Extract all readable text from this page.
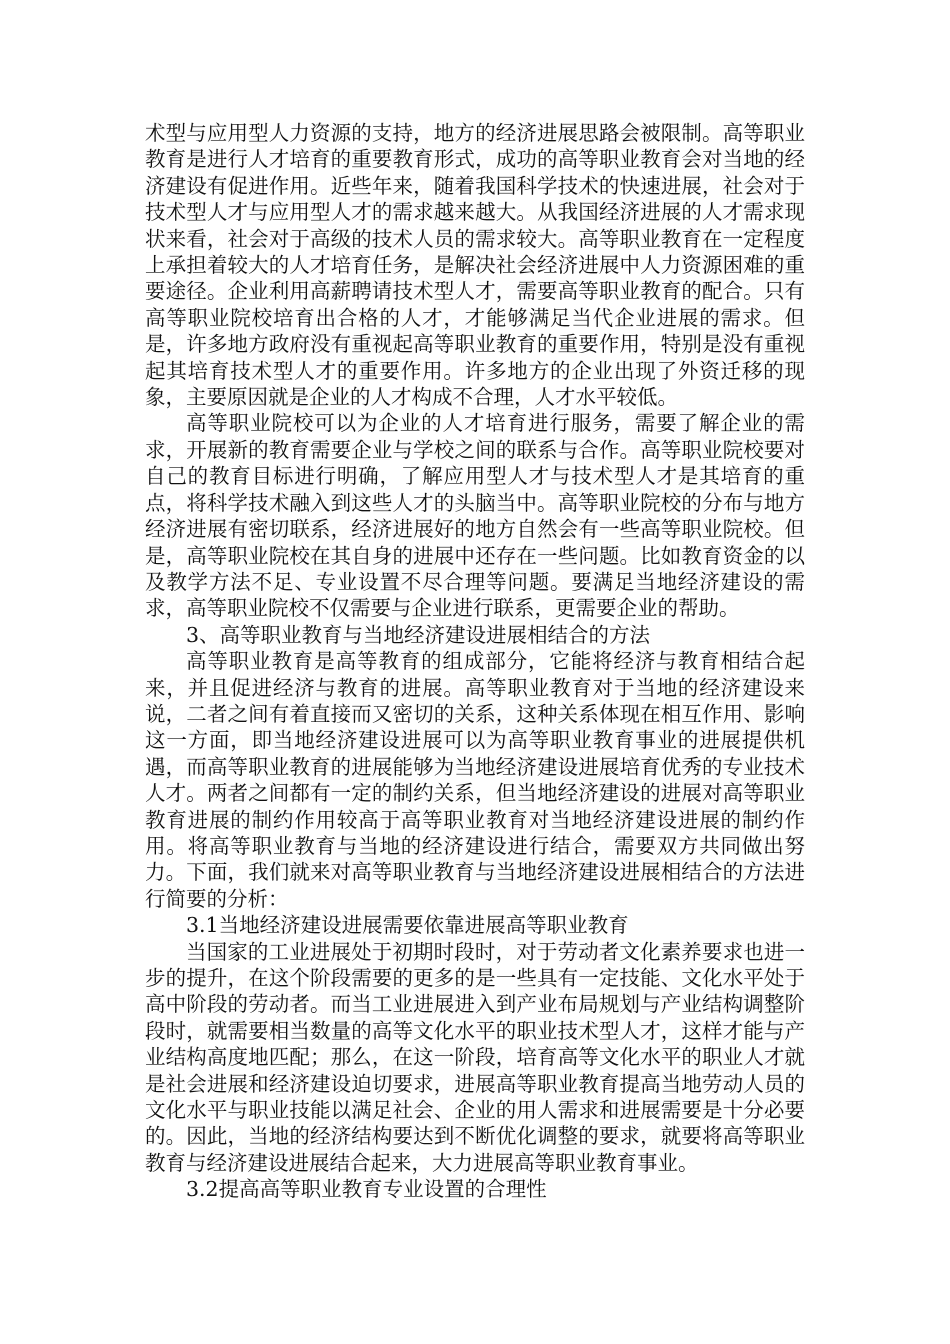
术型与应用型人力资源的支持，地方的经济进展思路会被限制。高等职业教育是进行人才培育的重要教育形式，成功的高等职业教育会对当地的经济建设有促进作用。近些年来，随着我国科学技术的快速进展，社会对于技术型人才与应用型人才的需求越来越大。从我国经济进展的人才需求现状来看，社会对于高级的技术人员的需求较大。高等职业教育在一定程度上承担着较大的人才培育任务，是解决社会经济进展中人力资源困难的重要途径。企业利用高薪聘请技术型人才，需要高等职业教育的配合。只有高等职业院校培育出合格的人才，才能够满足当代企业进展的需求。但是，许多地方政府没有重视起高等职业教育的重要作用，特别是没有重视起其培育技术型人才的重要作用。许多地方的企业出现了外资迁移的现象，主要原因就是企业的人才构成不合理，人才水平较低。

高等职业院校可以为企业的人才培育进行服务，需要了解企业的需求，开展新的教育需要企业与学校之间的联系与合作。高等职业院校要对自己的教育目标进行明确，了解应用型人才与技术型人才是其培育的重点，将科学技术融入到这些人才的头脑当中。高等职业院校的分布与地方经济进展有密切联系，经济进展好的地方自然会有一些高等职业院校。但是，高等职业院校在其自身的进展中还存在一些问题。比如教育资金的以及教学方法不足、专业设置不尽合理等问题。要满足当地经济建设的需求，高等职业院校不仅需要与企业进行联系，更需要企业的帮助。

3、高等职业教育与当地经济建设进展相结合的方法

高等职业教育是高等教育的组成部分，它能将经济与教育相结合起来，并且促进经济与教育的进展。高等职业教育对于当地的经济建设来说，二者之间有着直接而又密切的关系，这种关系体现在相互作用、影响这一方面，即当地经济建设进展可以为高等职业教育事业的进展提供机遇，而高等职业教育的进展能够为当地经济建设进展培育优秀的专业技术人才。两者之间都有一定的制约关系，但当地经济建设的进展对高等职业教育进展的制约作用较高于高等职业教育对当地经济建设进展的制约作用。将高等职业教育与当地的经济建设进行结合，需要双方共同做出努力。下面，我们就来对高等职业教育与当地经济建设进展相结合的方法进行简要的分析：

3.1当地经济建设进展需要依靠进展高等职业教育

当国家的工业进展处于初期时段时，对于劳动者文化素养要求也进一步的提升，在这个阶段需要的更多的是一些具有一定技能、文化水平处于高中阶段的劳动者。而当工业进展进入到产业布局规划与产业结构调整阶段时，就需要相当数量的高等文化水平的职业技术型人才，这样才能与产业结构高度地匹配；那么，在这一阶段，培育高等文化水平的职业人才就是社会进展和经济建设迫切要求，进展高等职业教育提高当地劳动人员的文化水平与职业技能以满足社会、企业的用人需求和进展需要是十分必要的。因此，当地的经济结构要达到不断优化调整的要求，就要将高等职业教育与经济建设进展结合起来，大力进展高等职业教育事业。

3.2提高高等职业教育专业设置的合理性
